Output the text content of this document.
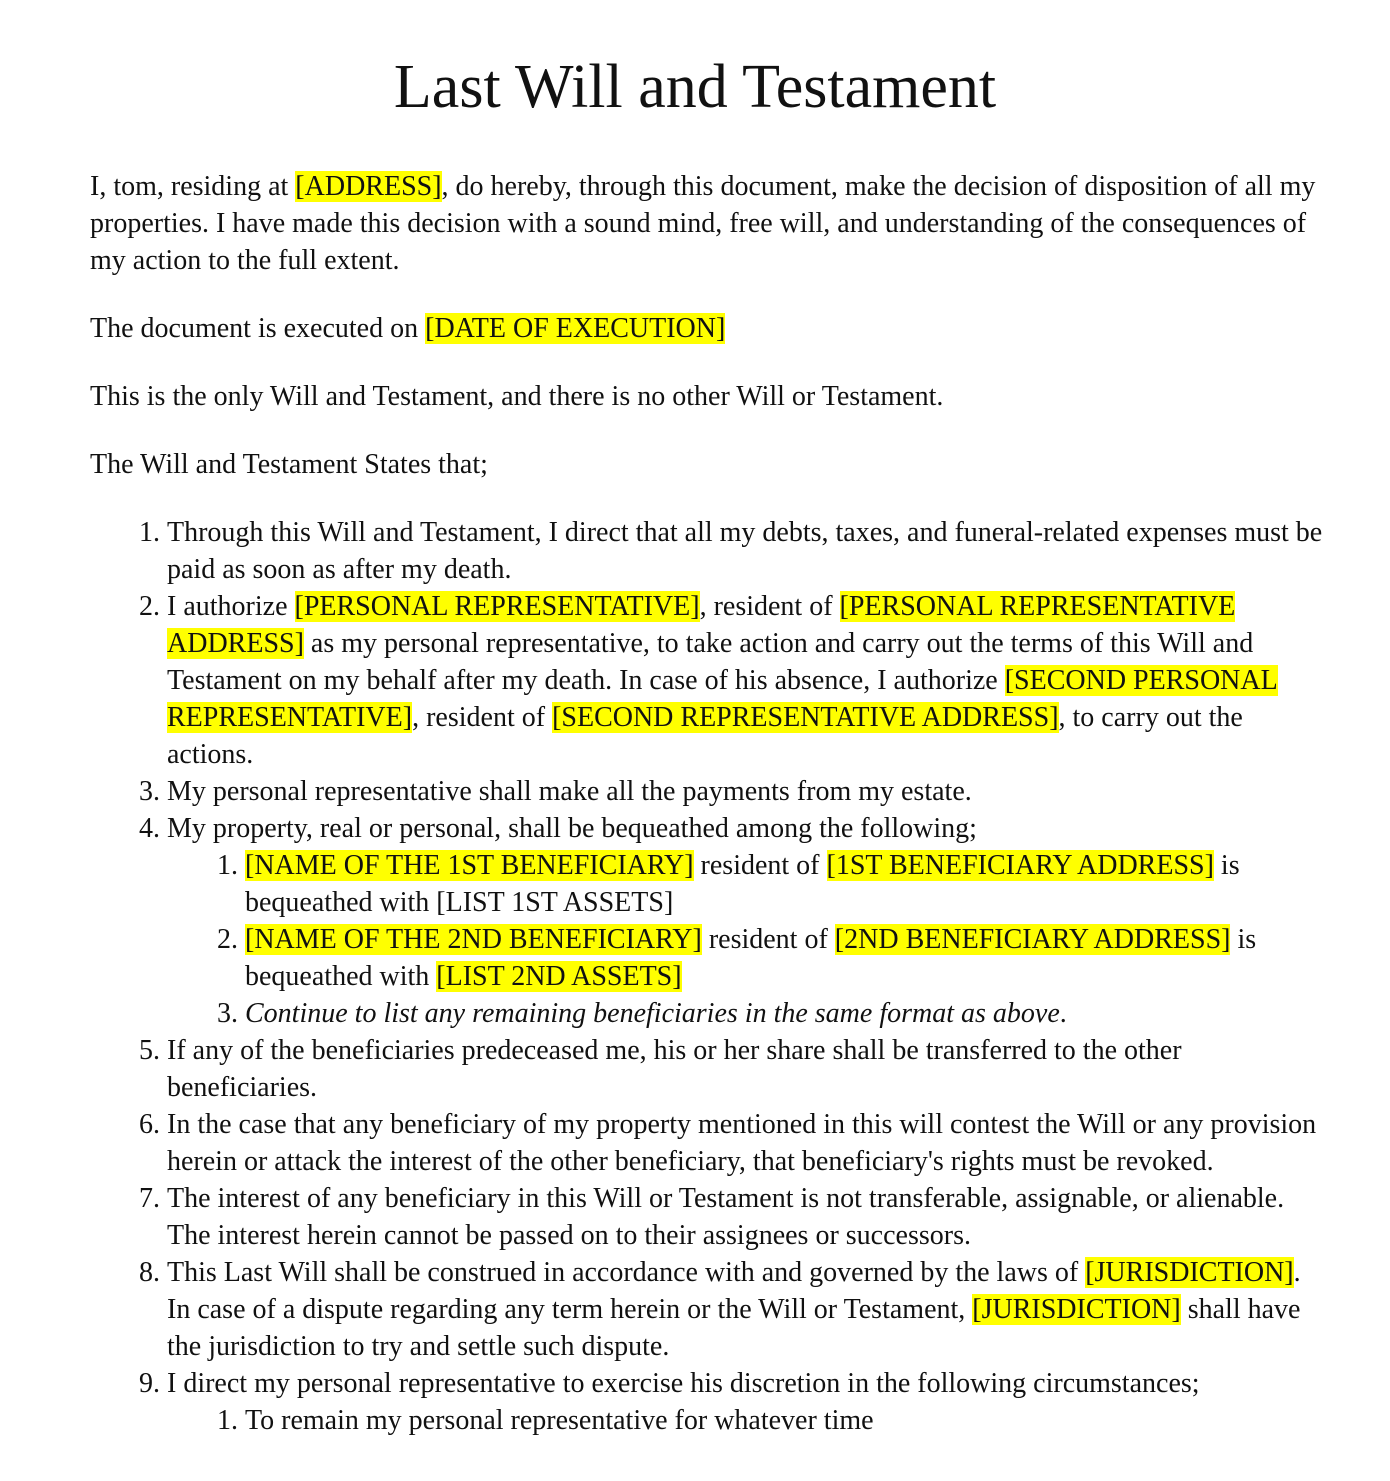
Last Will and Testament

I, tom, residing at [ADDRESS], do hereby, through this document, make the decision of disposition of all my properties. I have made this decision with a sound mind, free will, and understanding of the consequences of my action to the full extent.

The document is executed on [DATE OF EXECUTION]

This is the only Will and Testament, and there is no other Will or Testament.

The Will and Testament States that;

1. Through this Will and Testament, I direct that all my debts, taxes, and funeral-related expenses must be paid as soon as after my death.
2. I authorize [PERSONAL REPRESENTATIVE], resident of [PERSONAL REPRESENTATIVE ADDRESS] as my personal representative, to take action and carry out the terms of this Will and Testament on my behalf after my death. In case of his absence, I authorize [SECOND PERSONAL REPRESENTATIVE], resident of [SECOND REPRESENTATIVE ADDRESS], to carry out the actions.
3. My personal representative shall make all the payments from my estate.
4. My property, real or personal, shall be bequeathed among the following;
1. [NAME OF THE 1ST BENEFICIARY] resident of [1ST BENEFICIARY ADDRESS] is bequeathed with [LIST 1ST ASSETS]
2. [NAME OF THE 2ND BENEFICIARY] resident of [2ND BENEFICIARY ADDRESS] is bequeathed with [LIST 2ND ASSETS]
3. Continue to list any remaining beneficiaries in the same format as above.
5. If any of the beneficiaries predeceased me, his or her share shall be transferred to the other beneficiaries.
6. In the case that any beneficiary of my property mentioned in this will contest the Will or any provision herein or attack the interest of the other beneficiary, that beneficiary's rights must be revoked.
7. The interest of any beneficiary in this Will or Testament is not transferable, assignable, or alienable. The interest herein cannot be passed on to their assignees or successors.
8. This Last Will shall be construed in accordance with and governed by the laws of [JURISDICTION]. In case of a dispute regarding any term herein or the Will or Testament, [JURISDICTION] shall have the jurisdiction to try and settle such dispute.
9. I direct my personal representative to exercise his discretion in the following circumstances;
1. To remain my personal representative for whatever time
